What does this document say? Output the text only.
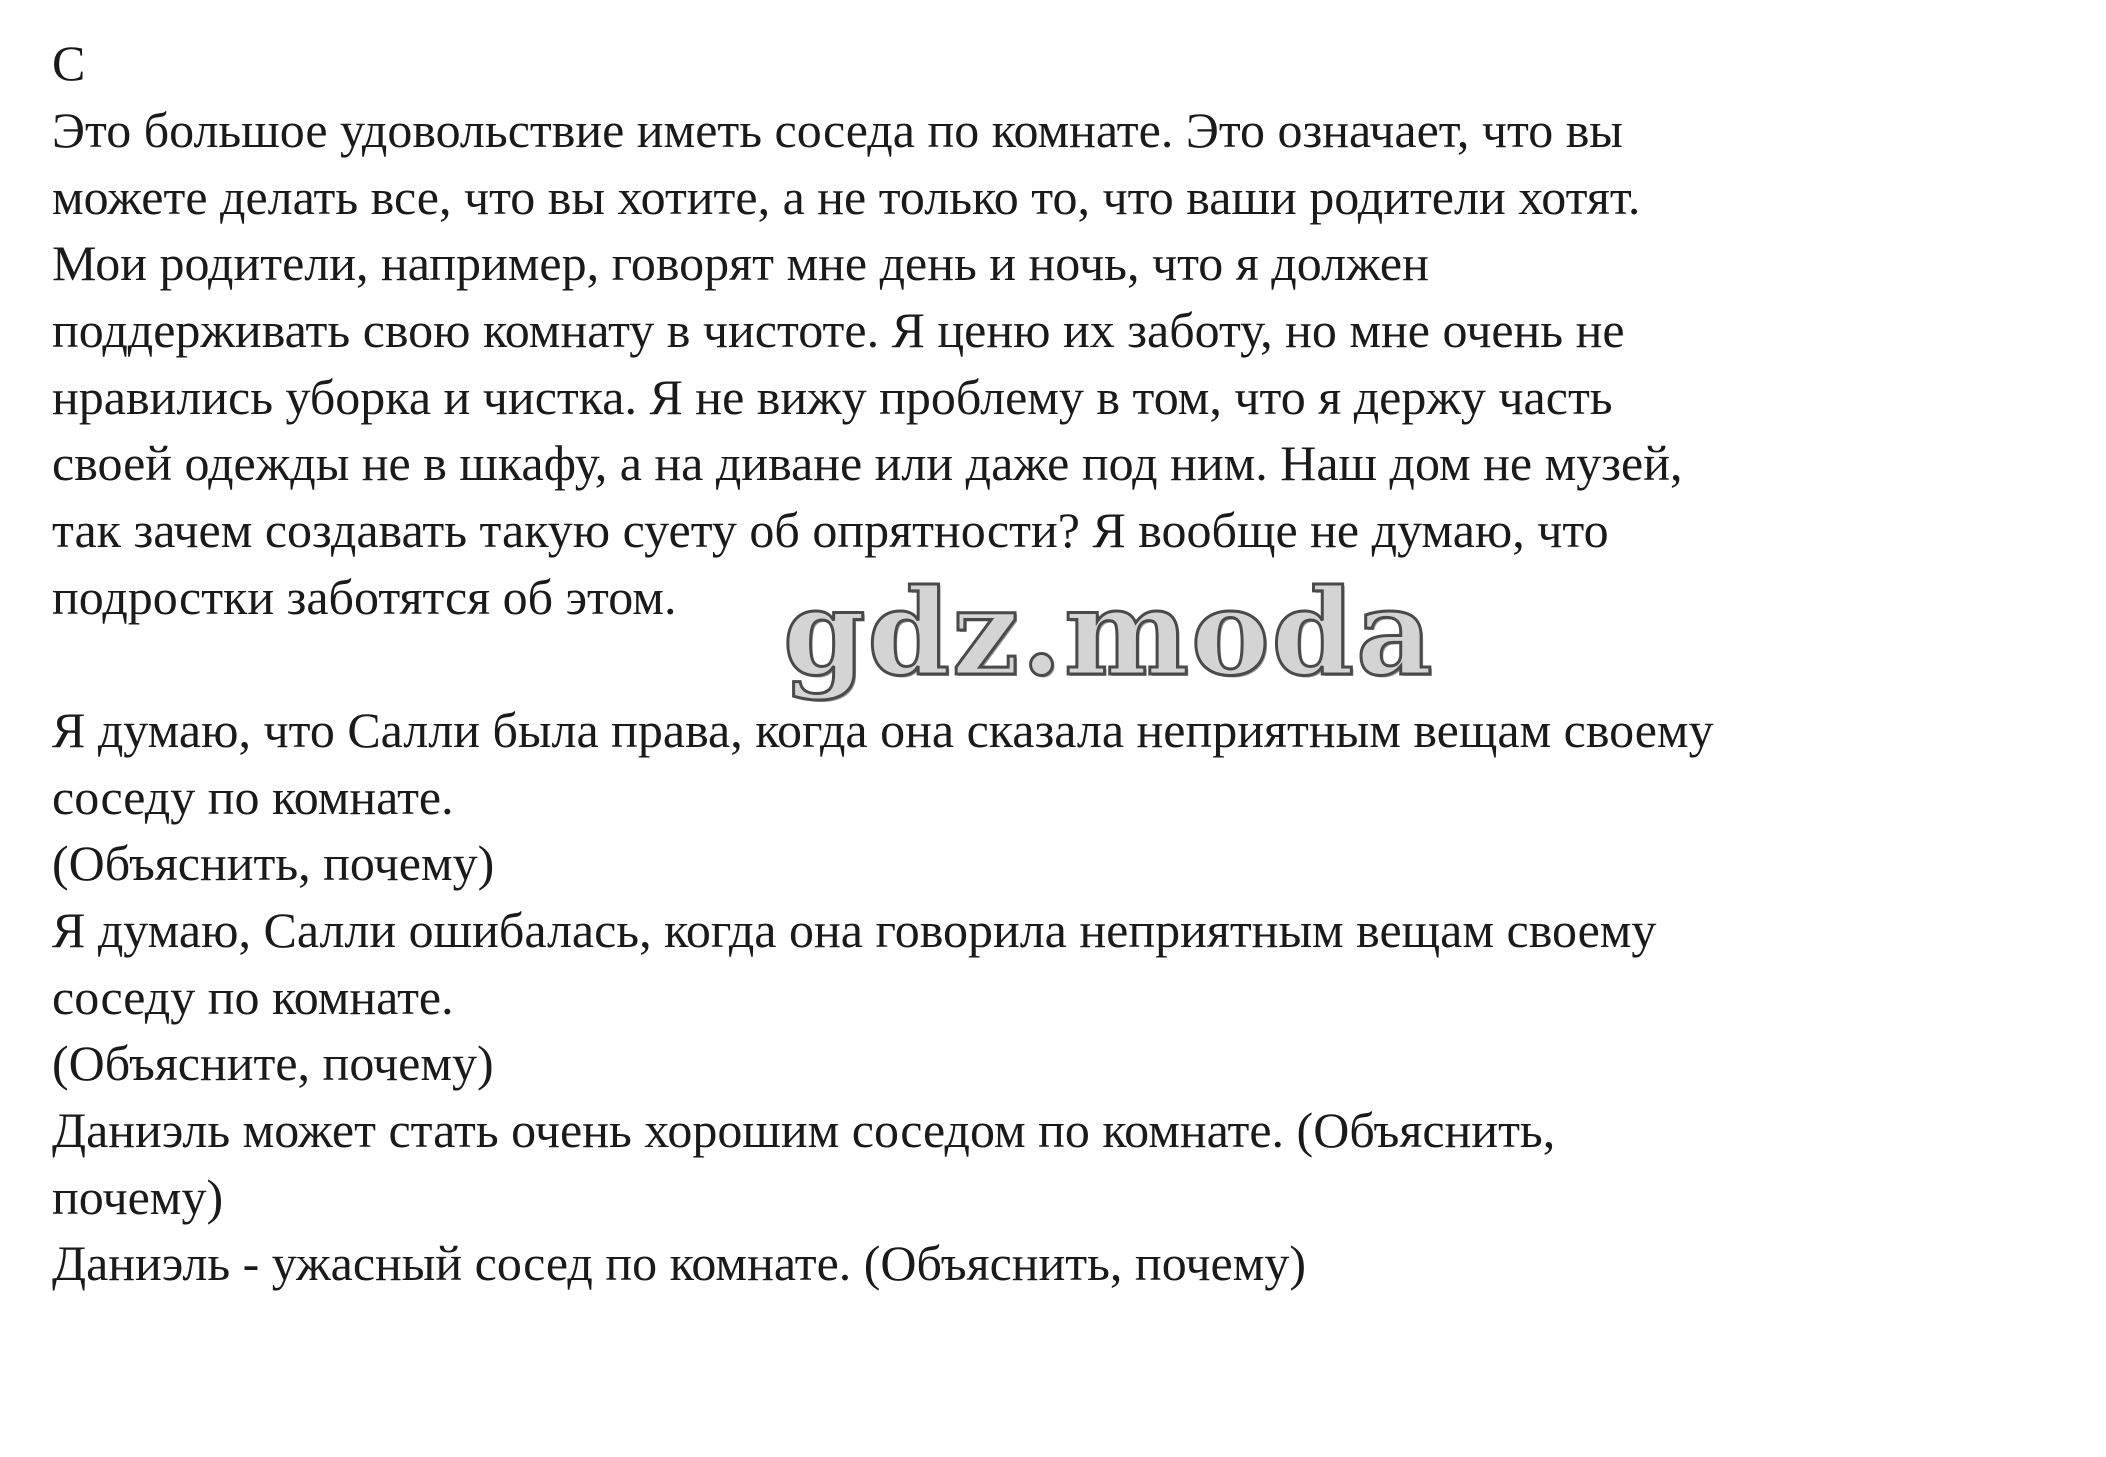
C
Это большое удовольствие иметь соседа по комнате. Это означает, что вы
можете делать все, что вы хотите, а не только то, что ваши родители хотят.
Мои родители, например, говорят мне день и ночь, что я должен
поддерживать свою комнату в чистоте. Я ценю их заботу, но мне очень не
нравились уборка и чистка. Я не вижу проблему в том, что я держу часть
своей одежды не в шкафу, а на диване или даже под ним. Наш дом не музей,
так зачем создавать такую суету об опрятности? Я вообще не думаю, что
подростки заботятся об этом. gdz.moda
Я думаю, что Салли была права, когда она сказала неприятным вещам своему
соседу по комнате.
(Объяснить, почему)
Я думаю, Салли ошибалась, когда она говорила неприятным вещам своему
соседу по комнате.
(Объясните, почему)
Даниэль может стать очень хорошим соседом по комнате. (Объяснить,
почему)
Даниэль - ужасный сосед по комнате. (Объяснить, почему)
